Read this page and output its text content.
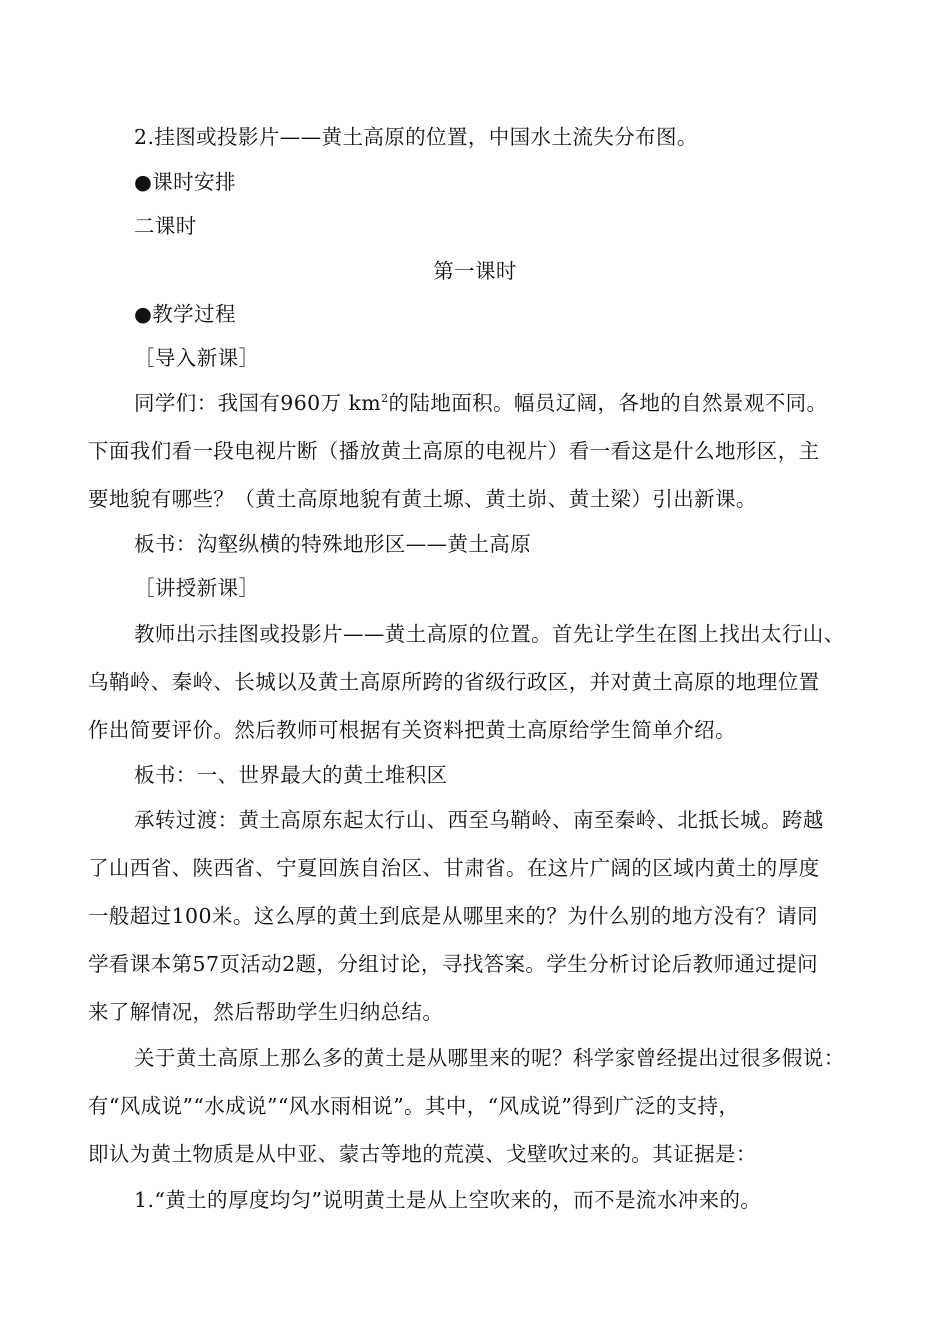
2.挂图或投影片——黄土高原的位置，中国水土流失分布图。
●课时安排
二课时
第一课时
●教学过程
［导入新课］
同学们：我国有960万 $km^2$的陆地面积。幅员辽阔，各地的自然景观不同。
下面我们看一段电视片断（播放黄土高原的电视片）看一看这是什么地形区，主
要地貌有哪些？（黄土高原地貌有黄土塬、黄土峁、黄土梁）引出新课。
板书：沟壑纵横的特殊地形区——黄土高原
［讲授新课］
教师出示挂图或投影片——黄土高原的位置。首先让学生在图上找出太行山、
乌鞘岭、秦岭、长城以及黄土高原所跨的省级行政区，并对黄土高原的地理位置
作出简要评价。然后教师可根据有关资料把黄土高原给学生简单介绍。
板书：一、世界最大的黄土堆积区
承转过渡：黄土高原东起太行山、西至乌鞘岭、南至秦岭、北抵长城。跨越
了山西省、陕西省、宁夏回族自治区、甘肃省。在这片广阔的区域内黄土的厚度
一般超过100米。这么厚的黄土到底是从哪里来的？为什么别的地方没有？请同
学看课本第57页活动2题，分组讨论，寻找答案。学生分析讨论后教师通过提问
来了解情况，然后帮助学生归纳总结。
关于黄土高原上那么多的黄土是从哪里来的呢？科学家曾经提出过很多假说：
有“风成说”“水成说”“风水雨相说”。其中，“风成说”得到广泛的支持，
即认为黄土物质是从中亚、蒙古等地的荒漠、戈壁吹过来的。其证据是：
1.“黄土的厚度均匀”说明黄土是从上空吹来的，而不是流水冲来的。
